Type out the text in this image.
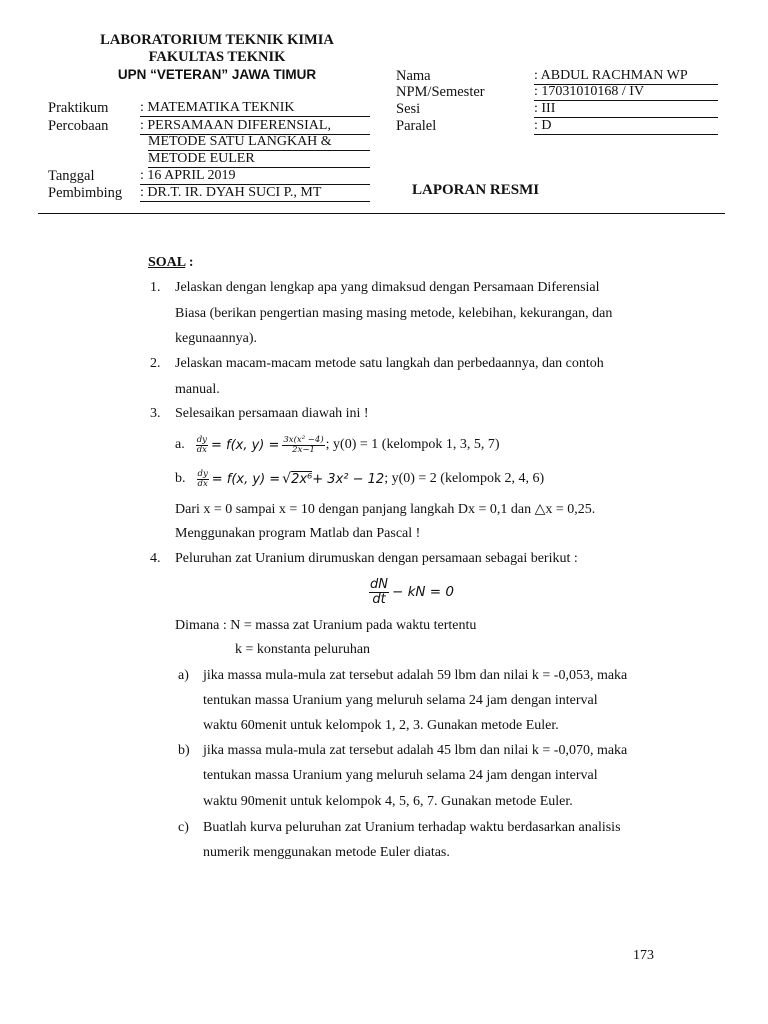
LABORATORIUM TEKNIK KIMIA
FAKULTAS TEKNIK
UPN “VETERAN” JAWA TIMUR
Praktikum : MATEMATIKA TEKNIK
Percobaan : PERSAMAAN DIFERENSIAL,
METODE SATU LANGKAH &
METODE EULER
Tanggal	: 16 APRIL 2019
Pembimbing : DR.T. IR. DYAH SUCI P., MT
Nama	: ABDUL RACHMAN WP
NPM/Semester	: 17031010168 / IV
Sesi	: III
Paralel	: D
LAPORAN RESMI
SOAL :
1. Jelaskan dengan lengkap apa yang dimaksud dengan Persamaan Diferensial
Biasa (berikan pengertian masing masing metode, kelebihan, kekurangan, dan
kegunaannya).
2. Jelaskan macam-macam metode satu langkah dan perbedaannya, dan contoh
manual.
3. Selesaikan persamaan diawah ini !
a. $\frac{dy}{dx} = f(x$, $y) = \frac{\text{3x(x² −4)}}{2x-1}$ ; y(0) = 1 (kelompok 1, 3, 5, 7)
b. $\frac{dy}{dx} = f(x$, y) = √ 2x⁶ + 3x² − 12 ; y(0) = 2 (kelompok 2, 4, 6)
Dari x = 0 sampai x = 10 dengan panjang langkah Dx = 0,1 dan △x = 0,25.
Menggunakan program Matlab dan Pascal !
4. Peluruhan zat Uranium dirumuskan dengan persamaan sebagai berikut :
$\frac{dN}{dt}$ − kN = 0
Dimana : N = massa zat Uranium pada waktu tertentu
k = konstanta peluruhan
a) jika massa mula-mula zat tersebut adalah 59 lbm dan nilai k = -0,053, maka
tentukan massa Uranium yang meluruh selama 24 jam dengan interval
waktu 60menit untuk kelompok 1, 2, 3. Gunakan metode Euler.
b) jika massa mula-mula zat tersebut adalah 45 lbm dan nilai k = -0,070, maka
tentukan massa Uranium yang meluruh selama 24 jam dengan interval
waktu 90menit untuk kelompok 4, 5, 6, 7. Gunakan metode Euler.
c) Buatlah kurva peluruhan zat Uranium terhadap waktu berdasarkan analisis
numerik menggunakan metode Euler diatas.
173
